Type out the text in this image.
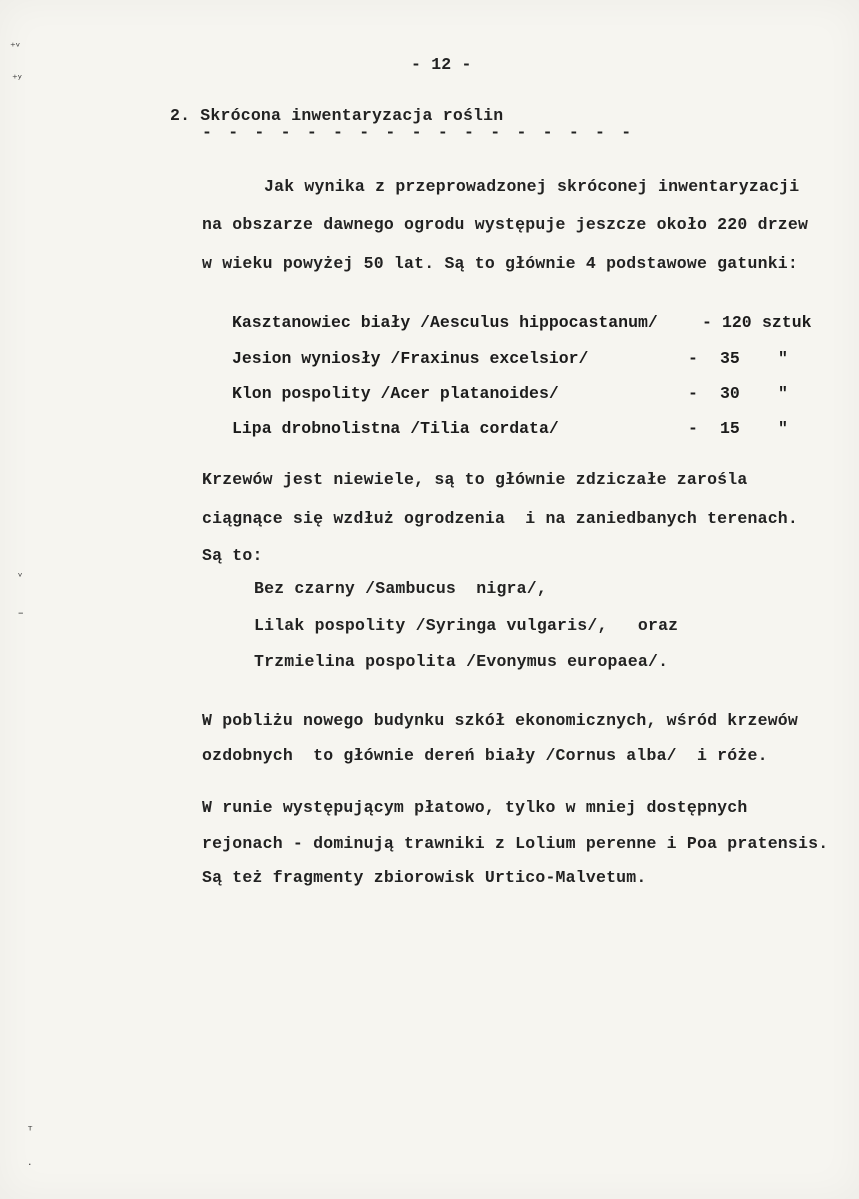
⁺ᵛ
⁺ʸ
ᵛ
–
ᵀ
·
- 12 -
2. Skrócona inwentaryzacja roślin
- - - - - - - - - - - - - - - - -
Jak wynika z przeprowadzonej skróconej inwentaryzacji
na obszarze dawnego ogrodu występuje jeszcze około 220 drzew
w wieku powyżej 50 lat. Są to głównie 4 podstawowe gatunki:
Kasztanowiec biały /Aesculus hippocastanum/	- 120 sztuk
Jesion wyniosły /Fraxinus excelsior/	- 35 "
Klon pospolity /Acer platanoides/	- 30 "
Lipa drobnolistna /Tilia cordata/	- 15 "
Krzewów jest niewiele, są to głównie zdziczałe zarośla
ciągnące się wzdłuż ogrodzenia  i na zaniedbanych terenach.
Są to:
Bez czarny /Sambucus  nigra/,
Lilak pospolity /Syringa vulgaris/,   oraz
Trzmielina pospolita /Evonymus europaea/.
W pobliżu nowego budynku szkół ekonomicznych, wśród krzewów
ozdobnych  to głównie dereń biały /Cornus alba/  i róże.
W runie występującym płatowo, tylko w mniej dostępnych
rejonach - dominują trawniki z Lolium perenne i Poa pratensis.
Są też fragmenty zbiorowisk Urtico-Malvetum.
